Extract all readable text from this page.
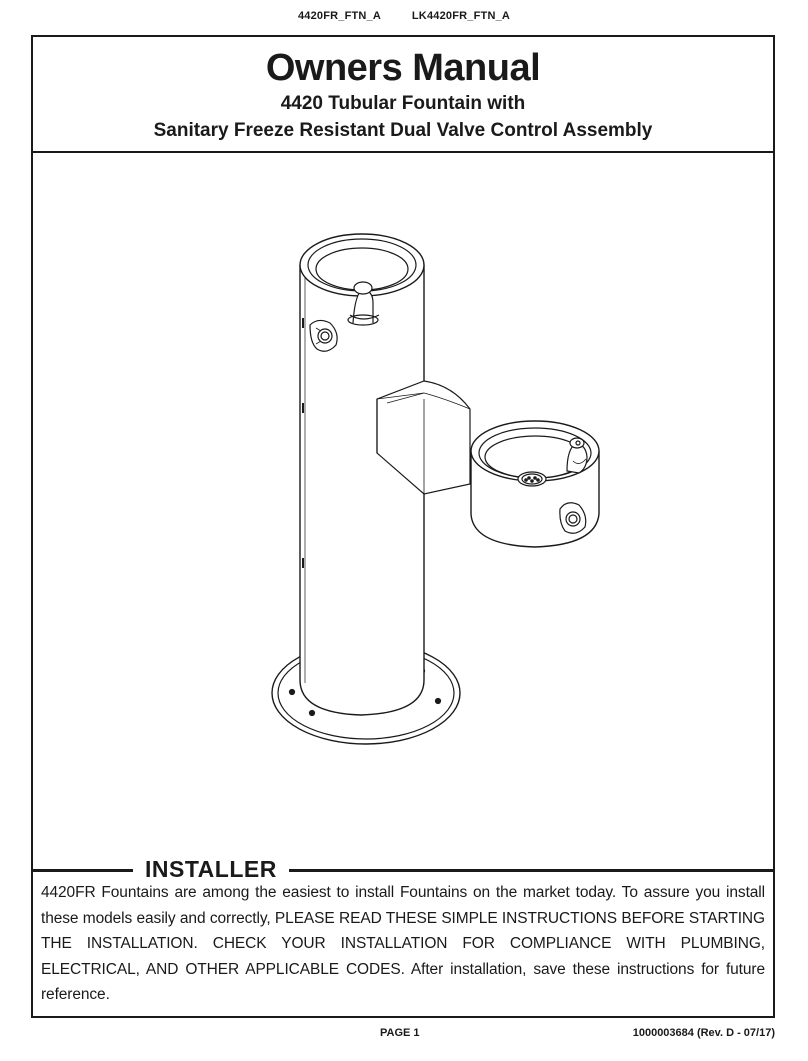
4420FR_FTN_A	LK4420FR_FTN_A
Owners Manual
4420 Tubular Fountain with
Sanitary Freeze Resistant Dual Valve Control Assembly
INSTALLER
4420FR Fountains are among the easiest to install Fountains on the market today. To assure you install these models easily and correctly, PLEASE READ THESE SIMPLE INSTRUCTIONS BEFORE STARTING THE INSTALLATION. CHECK YOUR INSTALLATION FOR COMPLIANCE WITH PLUMBING, ELECTRICAL, AND OTHER APPLICABLE CODES. After installation, save these instructions for future reference.
PAGE 1	1000003684 (Rev. D - 07/17)
